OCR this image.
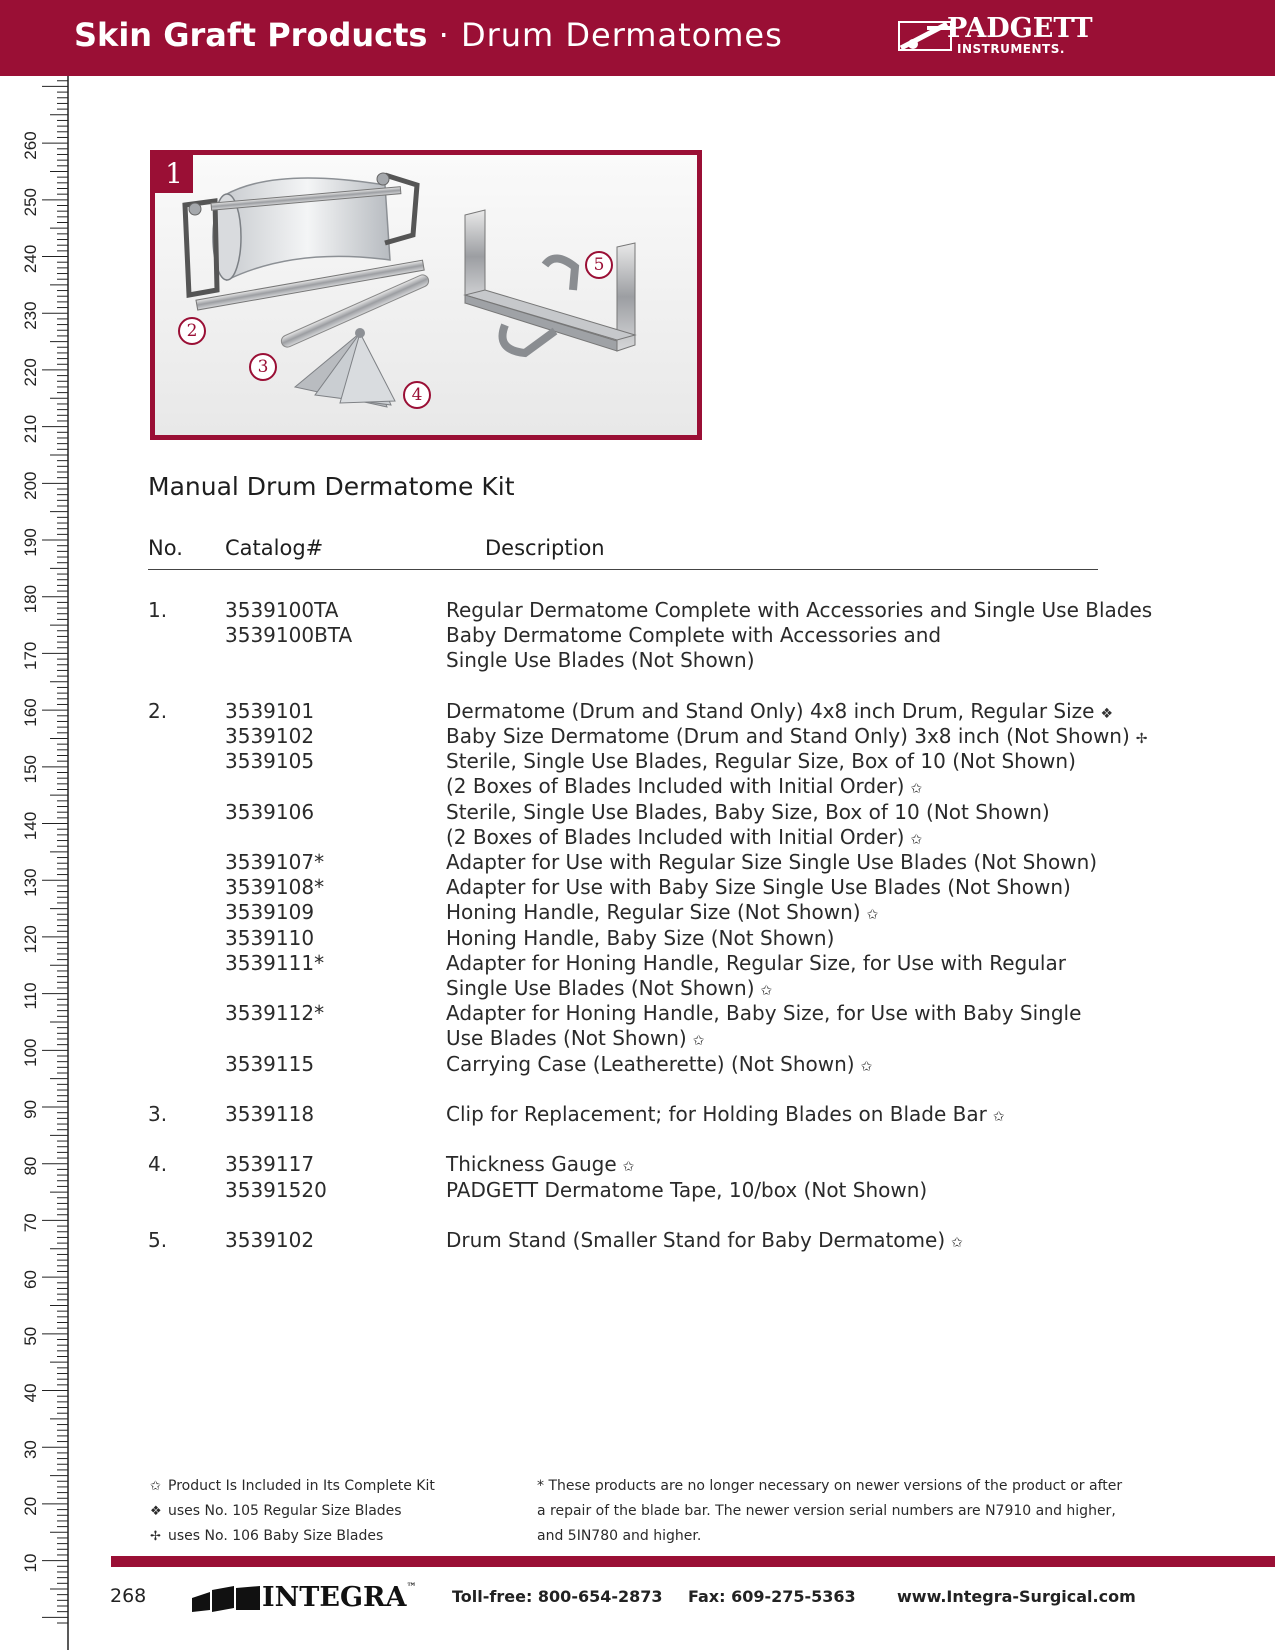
Skin Graft Products · Drum Dermatomes	PADGETT
INSTRUMENTS.
10
20
30
40
50
60
70
80
90
100
110
120
130
140
150
160
170
180
190
200
210
220
230
240
250
260
1
2
3
4
5
Manual Drum Dermatome Kit
No. Catalog#	Description
1.	3539100TA	Regular Dermatome Complete with Accessories and Single Use Blades
3539100BTA	Baby Dermatome Complete with Accessories and
Single Use Blades (Not Shown)
2.	3539101	Dermatome (Drum and Stand Only) 4x8 inch Drum, Regular Size ❖
3539102	Baby Size Dermatome (Drum and Stand Only) 3x8 inch (Not Shown) ✢
3539105	Sterile, Single Use Blades, Regular Size, Box of 10 (Not Shown)
(2 Boxes of Blades Included with Initial Order) ✩
3539106	Sterile, Single Use Blades, Baby Size, Box of 10 (Not Shown)
(2 Boxes of Blades Included with Initial Order) ✩
3539107*	Adapter for Use with Regular Size Single Use Blades (Not Shown)
3539108*	Adapter for Use with Baby Size Single Use Blades (Not Shown)
3539109	Honing Handle, Regular Size (Not Shown) ✩
3539110	Honing Handle, Baby Size (Not Shown)
3539111*	Adapter for Honing Handle, Regular Size, for Use with Regular
Single Use Blades (Not Shown) ✩
3539112*	Adapter for Honing Handle, Baby Size, for Use with Baby Single
Use Blades (Not Shown) ✩
3539115	Carrying Case (Leatherette) (Not Shown) ✩
3.	3539118	Clip for Replacement; for Holding Blades on Blade Bar ✩
4.	3539117	Thickness Gauge ✩
35391520	PADGETT Dermatome Tape, 10/box (Not Shown)
5.	3539102	Drum Stand (Smaller Stand for Baby Dermatome) ✩
✩ Product Is Included in Its Complete Kit
❖ uses No. 105 Regular Size Blades
✢ uses No. 106 Baby Size Blades
* These products are no longer necessary on newer versions of the product or after a repair of the blade bar. The newer version serial numbers are N7910 and higher, and 5IN780 and higher.
268	INTEGRA™ Toll-free: 800-654-2873 Fax: 609-275-5363	www.Integra-Surgical.com
